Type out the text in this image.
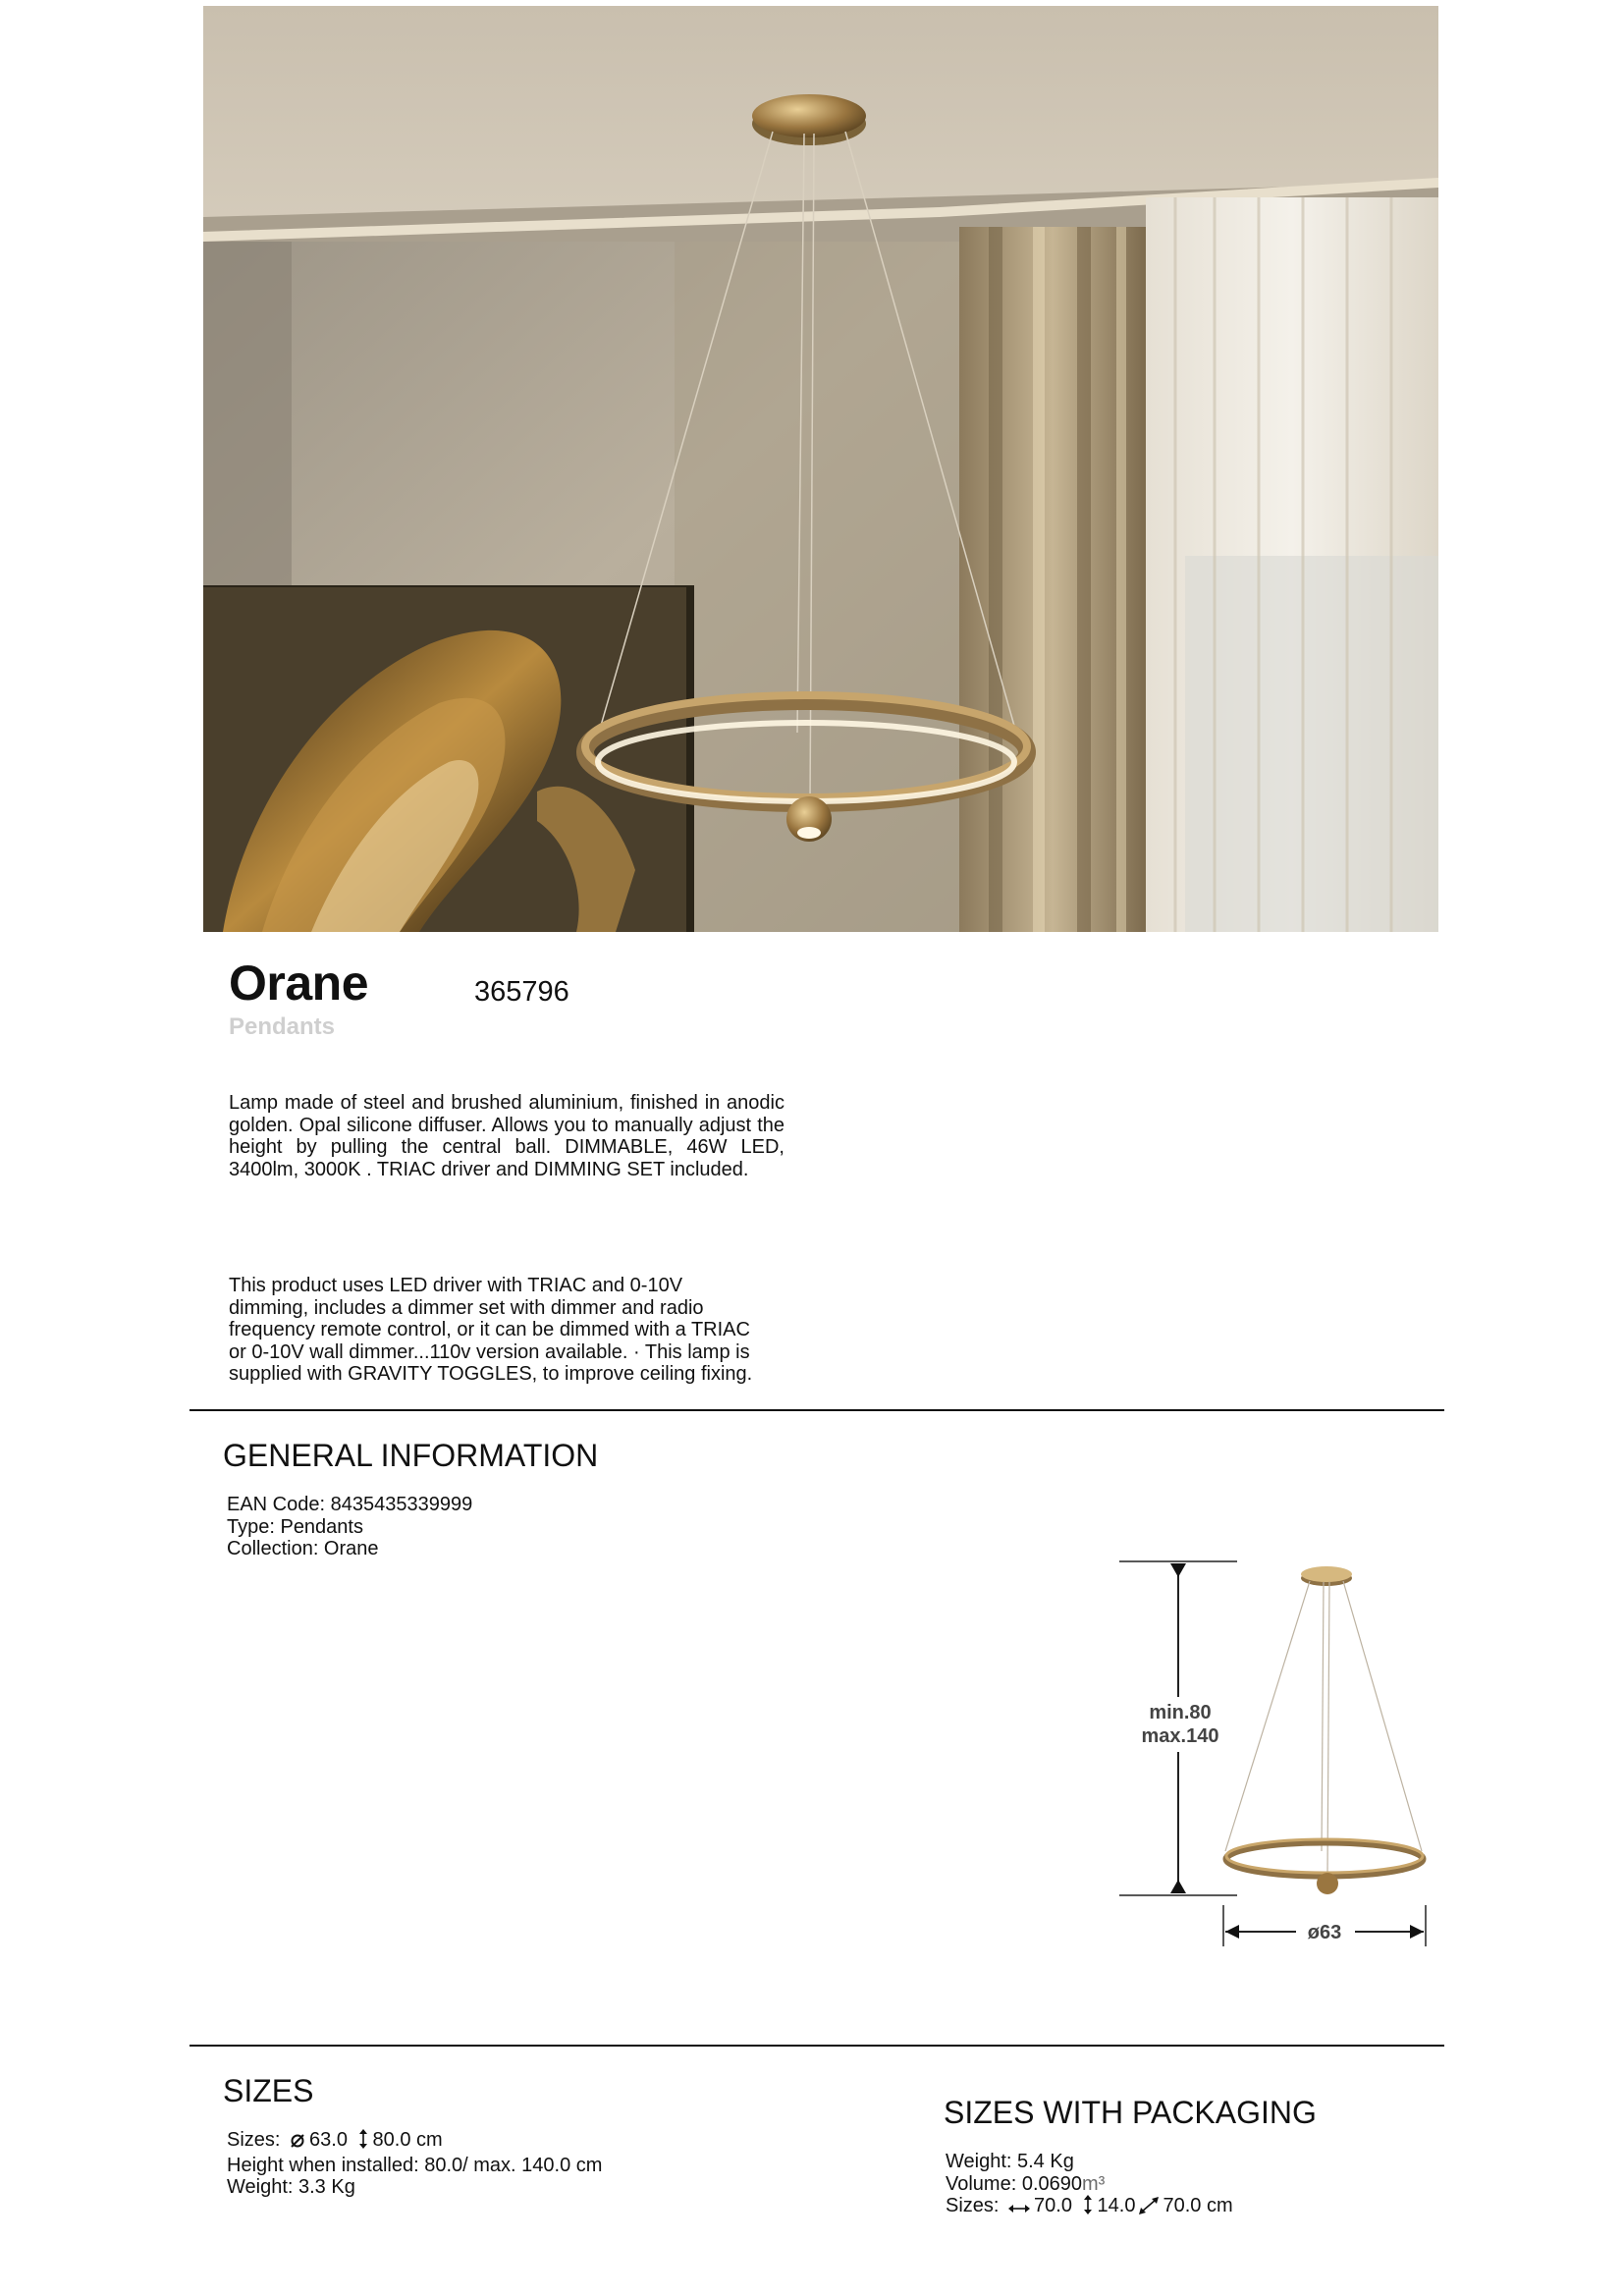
Orane	365796
Pendants
Lamp made of steel and brushed aluminium, finished in anodic golden. Opal silicone diffuser. Allows you to manually adjust the height by pulling the central ball. DIMMABLE, 46W LED, 3400lm, 3000K . TRIAC driver and DIMMING SET included.
This product uses LED driver with TRIAC and 0-10V dimming, includes a dimmer set with dimmer and radio frequency remote control, or it can be dimmed with a TRIAC or 0-10V wall dimmer...110v version available. · This lamp is supplied with GRAVITY TOGGLES, to improve ceiling fixing.
GENERAL INFORMATION
EAN Code: 8435435339999
Type: Pendants
Collection: Orane
min.80
max.140
ø63
SIZES
Sizes: 63.0 80.0 cm
Height when installed: 80.0/ max. 140.0 cm
Weight: 3.3 Kg
SIZES WITH PACKAGING
Weight: 5.4 Kg
Volume: 0.0690m³
Sizes: 70.0 14.0 70.0 cm
